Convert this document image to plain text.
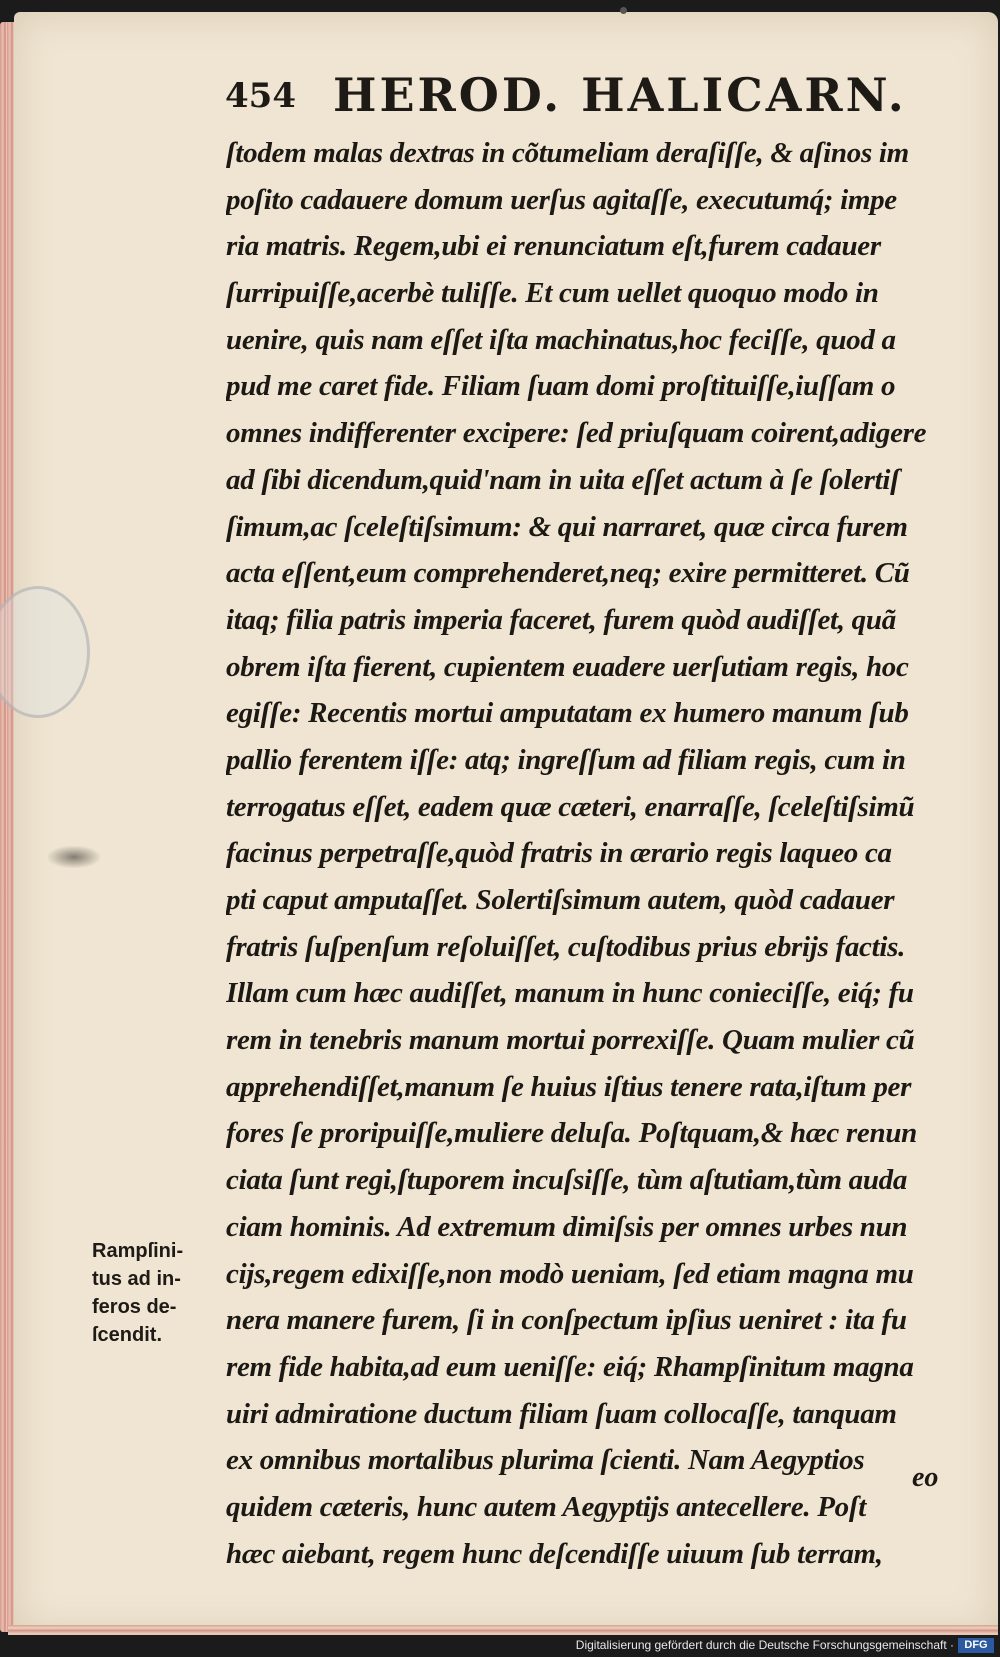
454 HEROD. HALICARN.
ſtodem malas dextras in cõtumeliam deraſiſſe, & aſinos im
poſito cadauere domum uerſus agitaſſe, executumq́; impe
ria matris. Regem,ubi ei renunciatum eſt,furem cadauer
ſurripuiſſe,acerbè tuliſſe. Et cum uellet quoquo modo in
uenire, quis nam eſſet iſta machinatus,hoc feciſſe, quod a
pud me caret fide. Filiam ſuam domi proſtituiſſe,iuſſam o
omnes indifferenter excipere: ſed priuſquam coirent,adigere
ad ſibi dicendum,quid'nam in uita eſſet actum à ſe ſolertiſ
ſimum,ac ſceleſtiſsimum: & qui narraret, quæ circa furem
acta eſſent,eum comprehenderet,neq; exire permitteret. Cũ
itaq; filia patris imperia faceret, furem quòd audiſſet, quã
obrem iſta fierent, cupientem euadere uerſutiam regis, hoc
egiſſe: Recentis mortui amputatam ex humero manum ſub
pallio ferentem iſſe: atq; ingreſſum ad filiam regis, cum in
terrogatus eſſet, eadem quæ cæteri, enarraſſe, ſceleſtiſsimũ
facinus perpetraſſe,quòd fratris in ærario regis laqueo ca
pti caput amputaſſet. Solertiſsimum autem, quòd cadauer
fratris ſuſpenſum reſoluiſſet, cuſtodibus prius ebrijs factis.
Illam cum hæc audiſſet, manum in hunc conieciſſe, eiq́; fu
rem in tenebris manum mortui porrexiſſe. Quam mulier cũ
apprehendiſſet,manum ſe huius iſtius tenere rata,iſtum per
fores ſe proripuiſſe,muliere deluſa. Poſtquam,& hæc renun
ciata ſunt regi,ſtuporem incuſsiſſe, tùm aſtutiam,tùm auda
ciam hominis. Ad extremum dimiſsis per omnes urbes nun
cijs,regem edixiſſe,non modò ueniam, ſed etiam magna mu
nera manere furem, ſi in conſpectum ipſius ueniret : ita fu
rem fide habita,ad eum ueniſſe: eiq́; Rhampſinitum magna
uiri admiratione ductum filiam ſuam collocaſſe, tanquam
ex omnibus mortalibus plurima ſcienti. Nam Aegyptios
quidem cæteris, hunc autem Aegyptijs antecellere. Poſt
hæc aiebant, regem hunc deſcendiſſe uiuum ſub terram,
Rampſini-
tus ad in-
feros de-
ſcendit.
eo
Digitalisierung gefördert durch die Deutsche Forschungsgemeinschaft · DFG
